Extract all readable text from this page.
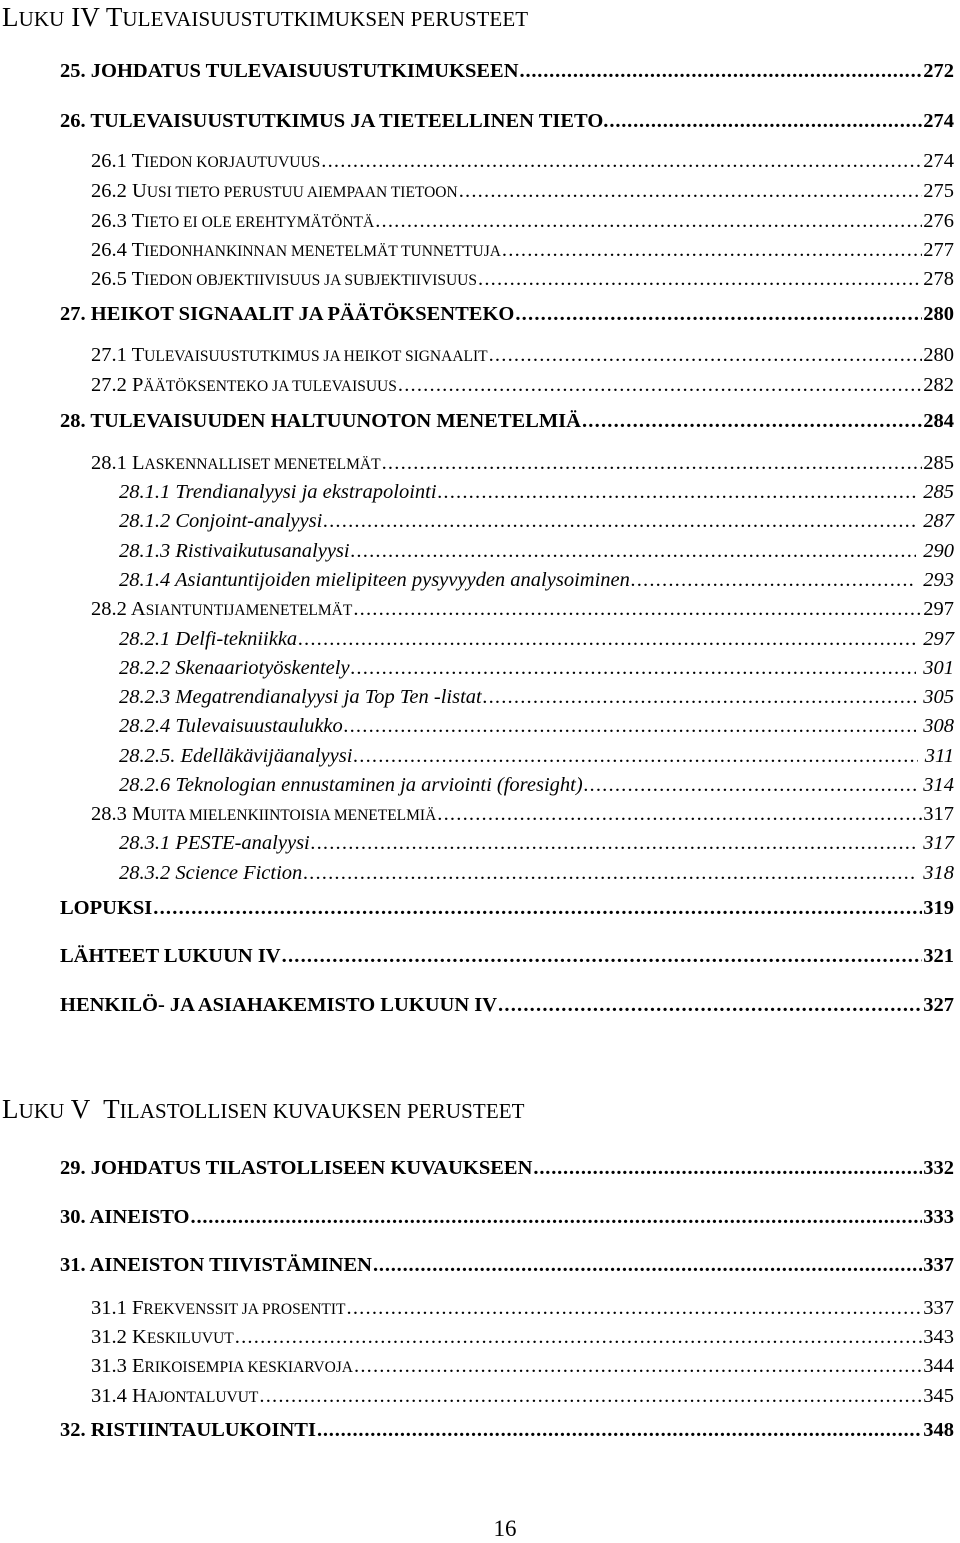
LUKU IV TULEVAISUUSTUTKIMUKSEN PERUSTEET
25. JOHDATUS TULEVAISUUSTUTKIMUKSEEN .....	272
26. TULEVAISUUSTUTKIMUS JA TIETEELLINEN TIETO. .....	274
26.1 TIEDON KORJAUTUVUUS .....	274
26.2 UUSI TIETO PERUSTUU AIEMPAAN TIETOON .....	275
26.3 TIETO EI OLE EREHTYMÄTÖNTÄ .....	276
26.4 TIEDONHANKINNAN MENETELMÄT TUNNETTUJA .....	277
26.5 TIEDON OBJEKTIIVISUUS JA SUBJEKTIIVISUUS .....	278
27. HEIKOT SIGNAALIT JA PÄÄTÖKSENTEKO .....	280
27.1 TULEVAISUUSTUTKIMUS JA HEIKOT SIGNAALIT .....	280
27.2 PÄÄTÖKSENTEKO JA TULEVAISUUS .....	282
28. TULEVAISUUDEN HALTUUNOTON MENETELMIÄ .....	284
28.1 LASKENNALLISET MENETELMÄT .....	285
28.1.1 Trendianalyysi ja ekstrapolointi .....	285
28.1.2 Conjoint-analyysi .....	287
28.1.3 Ristivaikutusanalyysi .....	290
28.1.4 Asiantuntijoiden mielipiteen pysyvyyden analysoiminen .....	293
28.2 ASIANTUNTIJAMENETELMÄT .....	297
28.2.1 Delfi-tekniikka .....	297
28.2.2 Skenaariotyöskentely .....	301
28.2.3 Megatrendianalyysi ja Top Ten -listat .....	305
28.2.4 Tulevaisuustaulukko .....	308
28.2.5. Edelläkävijäanalyysi .....	311
28.2.6 Teknologian ennustaminen ja arviointi (foresight) .....	314
28.3 MUITA MIELENKIINTOISIA MENETELMIÄ .....	317
28.3.1 PESTE-analyysi .....	317
28.3.2 Science Fiction .....	318
LOPUKSI .....	319
LÄHTEET LUKUUN IV .....	321
HENKILÖ- JA ASIAHAKEMISTO LUKUUN IV .....	327
LUKU V  TILASTOLLISEN KUVAUKSEN PERUSTEET
29. JOHDATUS TILASTOLLISEEN KUVAUKSEEN .....	332
30. AINEISTO .....	333
31. AINEISTON TIIVISTÄMINEN .....	337
31.1 FREKVENSSIT JA PROSENTIT .....	337
31.2 KESKILUVUT .....	343
31.3 ERIKOISEMPIA KESKIARVOJA .....	344
31.4 HAJONTALUVUT .....	345
32. RISTIINTAULUKOINTI .....	348
16
